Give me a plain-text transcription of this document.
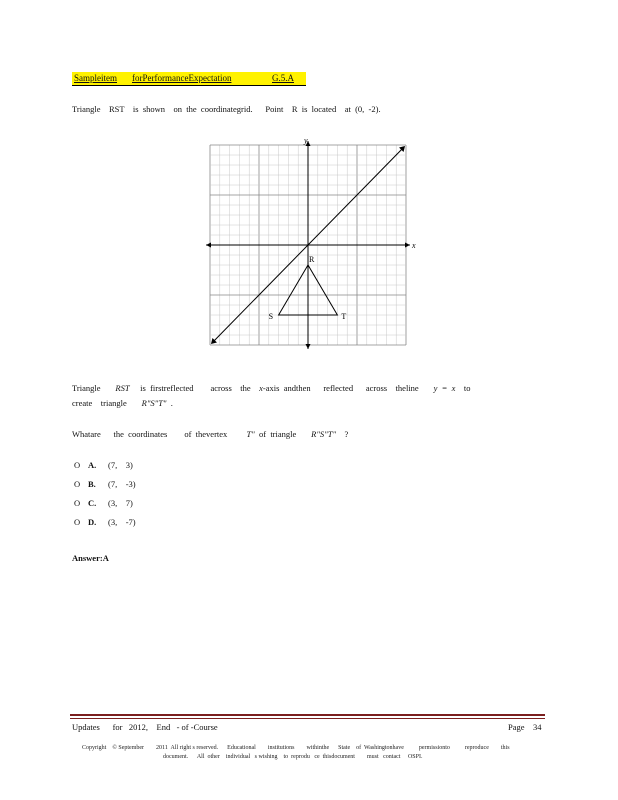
Sampleitem forPerformanceExpectation	G.5.A
Triangle    RST    is  shown    on  the  coordinategrid.      Point    R  is  located    at  (0,  -2).
x
y
R
S	T
Triangle RST is  firstreflected        across    the x-axis  andthen      reflected      across    theline y  =  x to
create    triangle R"S"T" .
Whatare      the  coordinates        of  thevertex T" of  triangle R"S"T" ?
O A. (7,    3)
O B. (7,    -3)
O C. (3,    7)
O D. (3,    -7)
Answer:A
Updates      for   2012,    End   - of -Course	Page    34
Copyright    © September        2011  All right s reserved.      Educational        institutions        withinthe      State    of  Washingtonhave          permissionto          reproduce        this
document.      All  other    individual   s wishing    to  reprodu   ce  thisdocument        must   contact     OSPI.
